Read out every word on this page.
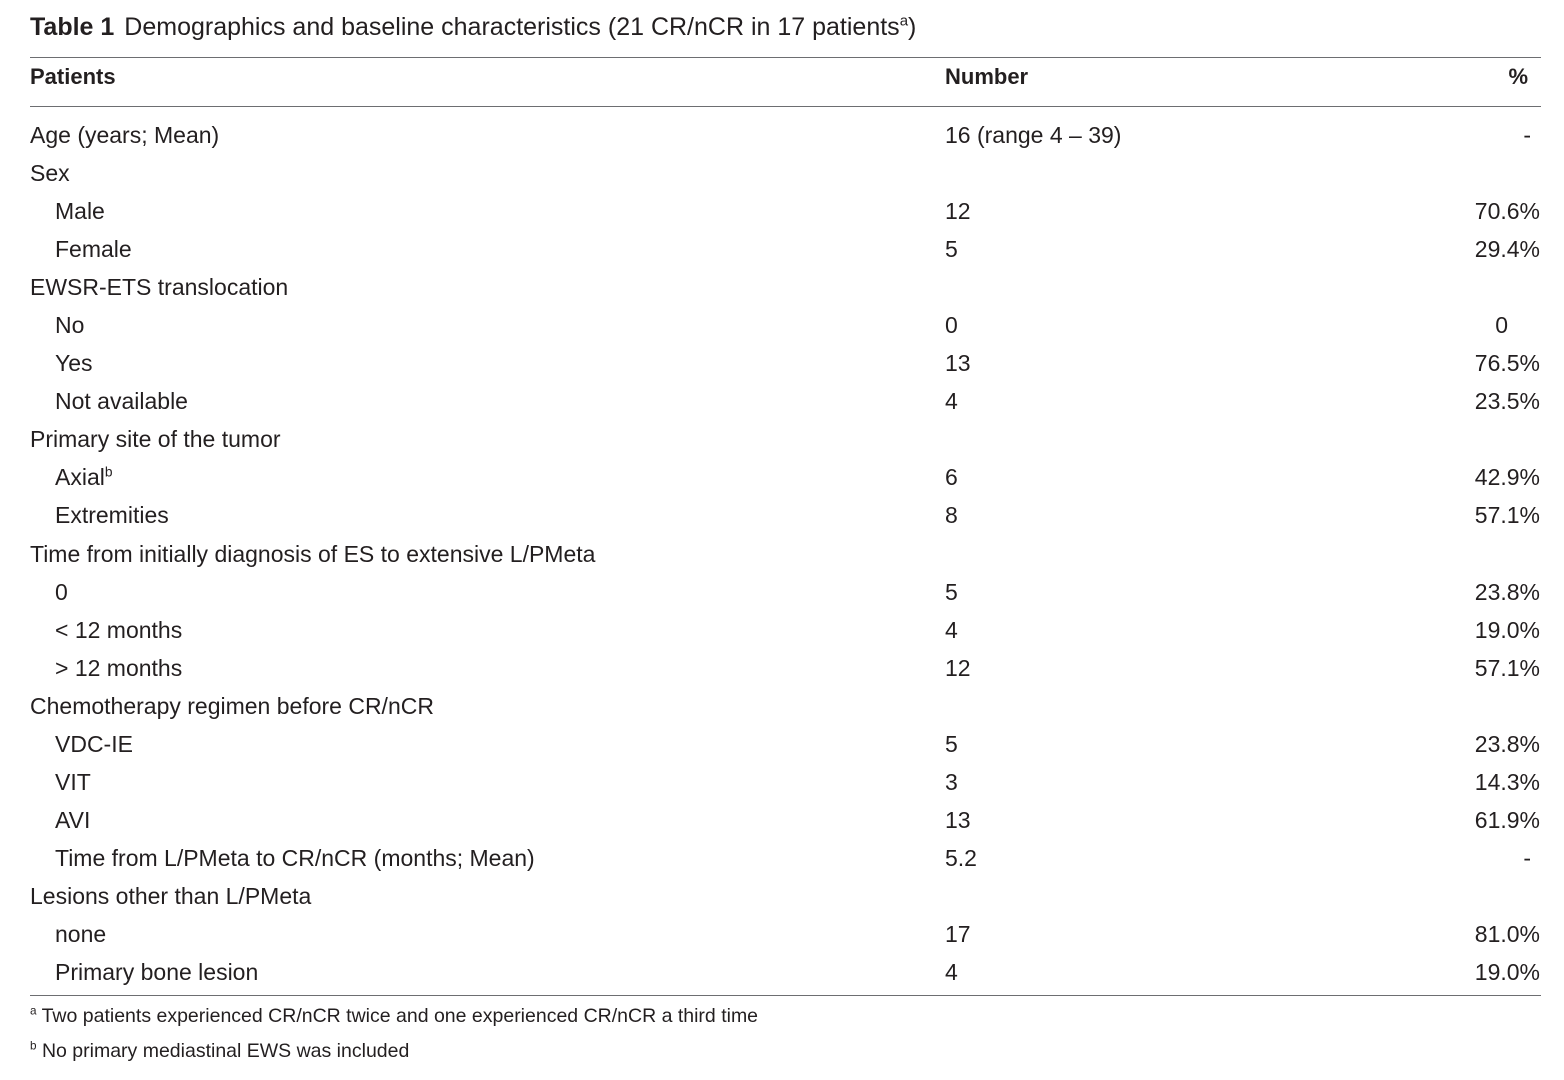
Table 1 Demographics and baseline characteristics (21 CR/nCR in 17 patients$^a$)
Patients	Number	%
Age (years; Mean)	16 (range 4 – 39)	-
Sex
Male	12	70.6%
Female	5	29.4%
EWSR-ETS translocation
No	0	0
Yes	13	76.5%
Not available	4	23.5%
Primary site of the tumor
Axial$^b$	6	42.9%
Extremities	8	57.1%
Time from initially diagnosis of ES to extensive L/PMeta
0	5	23.8%
< 12 months	4	19.0%
> 12 months	12	57.1%
Chemotherapy regimen before CR/nCR
VDC-IE	5	23.8%
VIT	3	14.3%
AVI	13	61.9%
Time from L/PMeta to CR/nCR (months; Mean)	5.2	-
Lesions other than L/PMeta
none	17	81.0%
Primary bone lesion	4	19.0%
$^a$ Two patients experienced CR/nCR twice and one experienced CR/nCR a third time
$^b$ No primary mediastinal EWS was included
